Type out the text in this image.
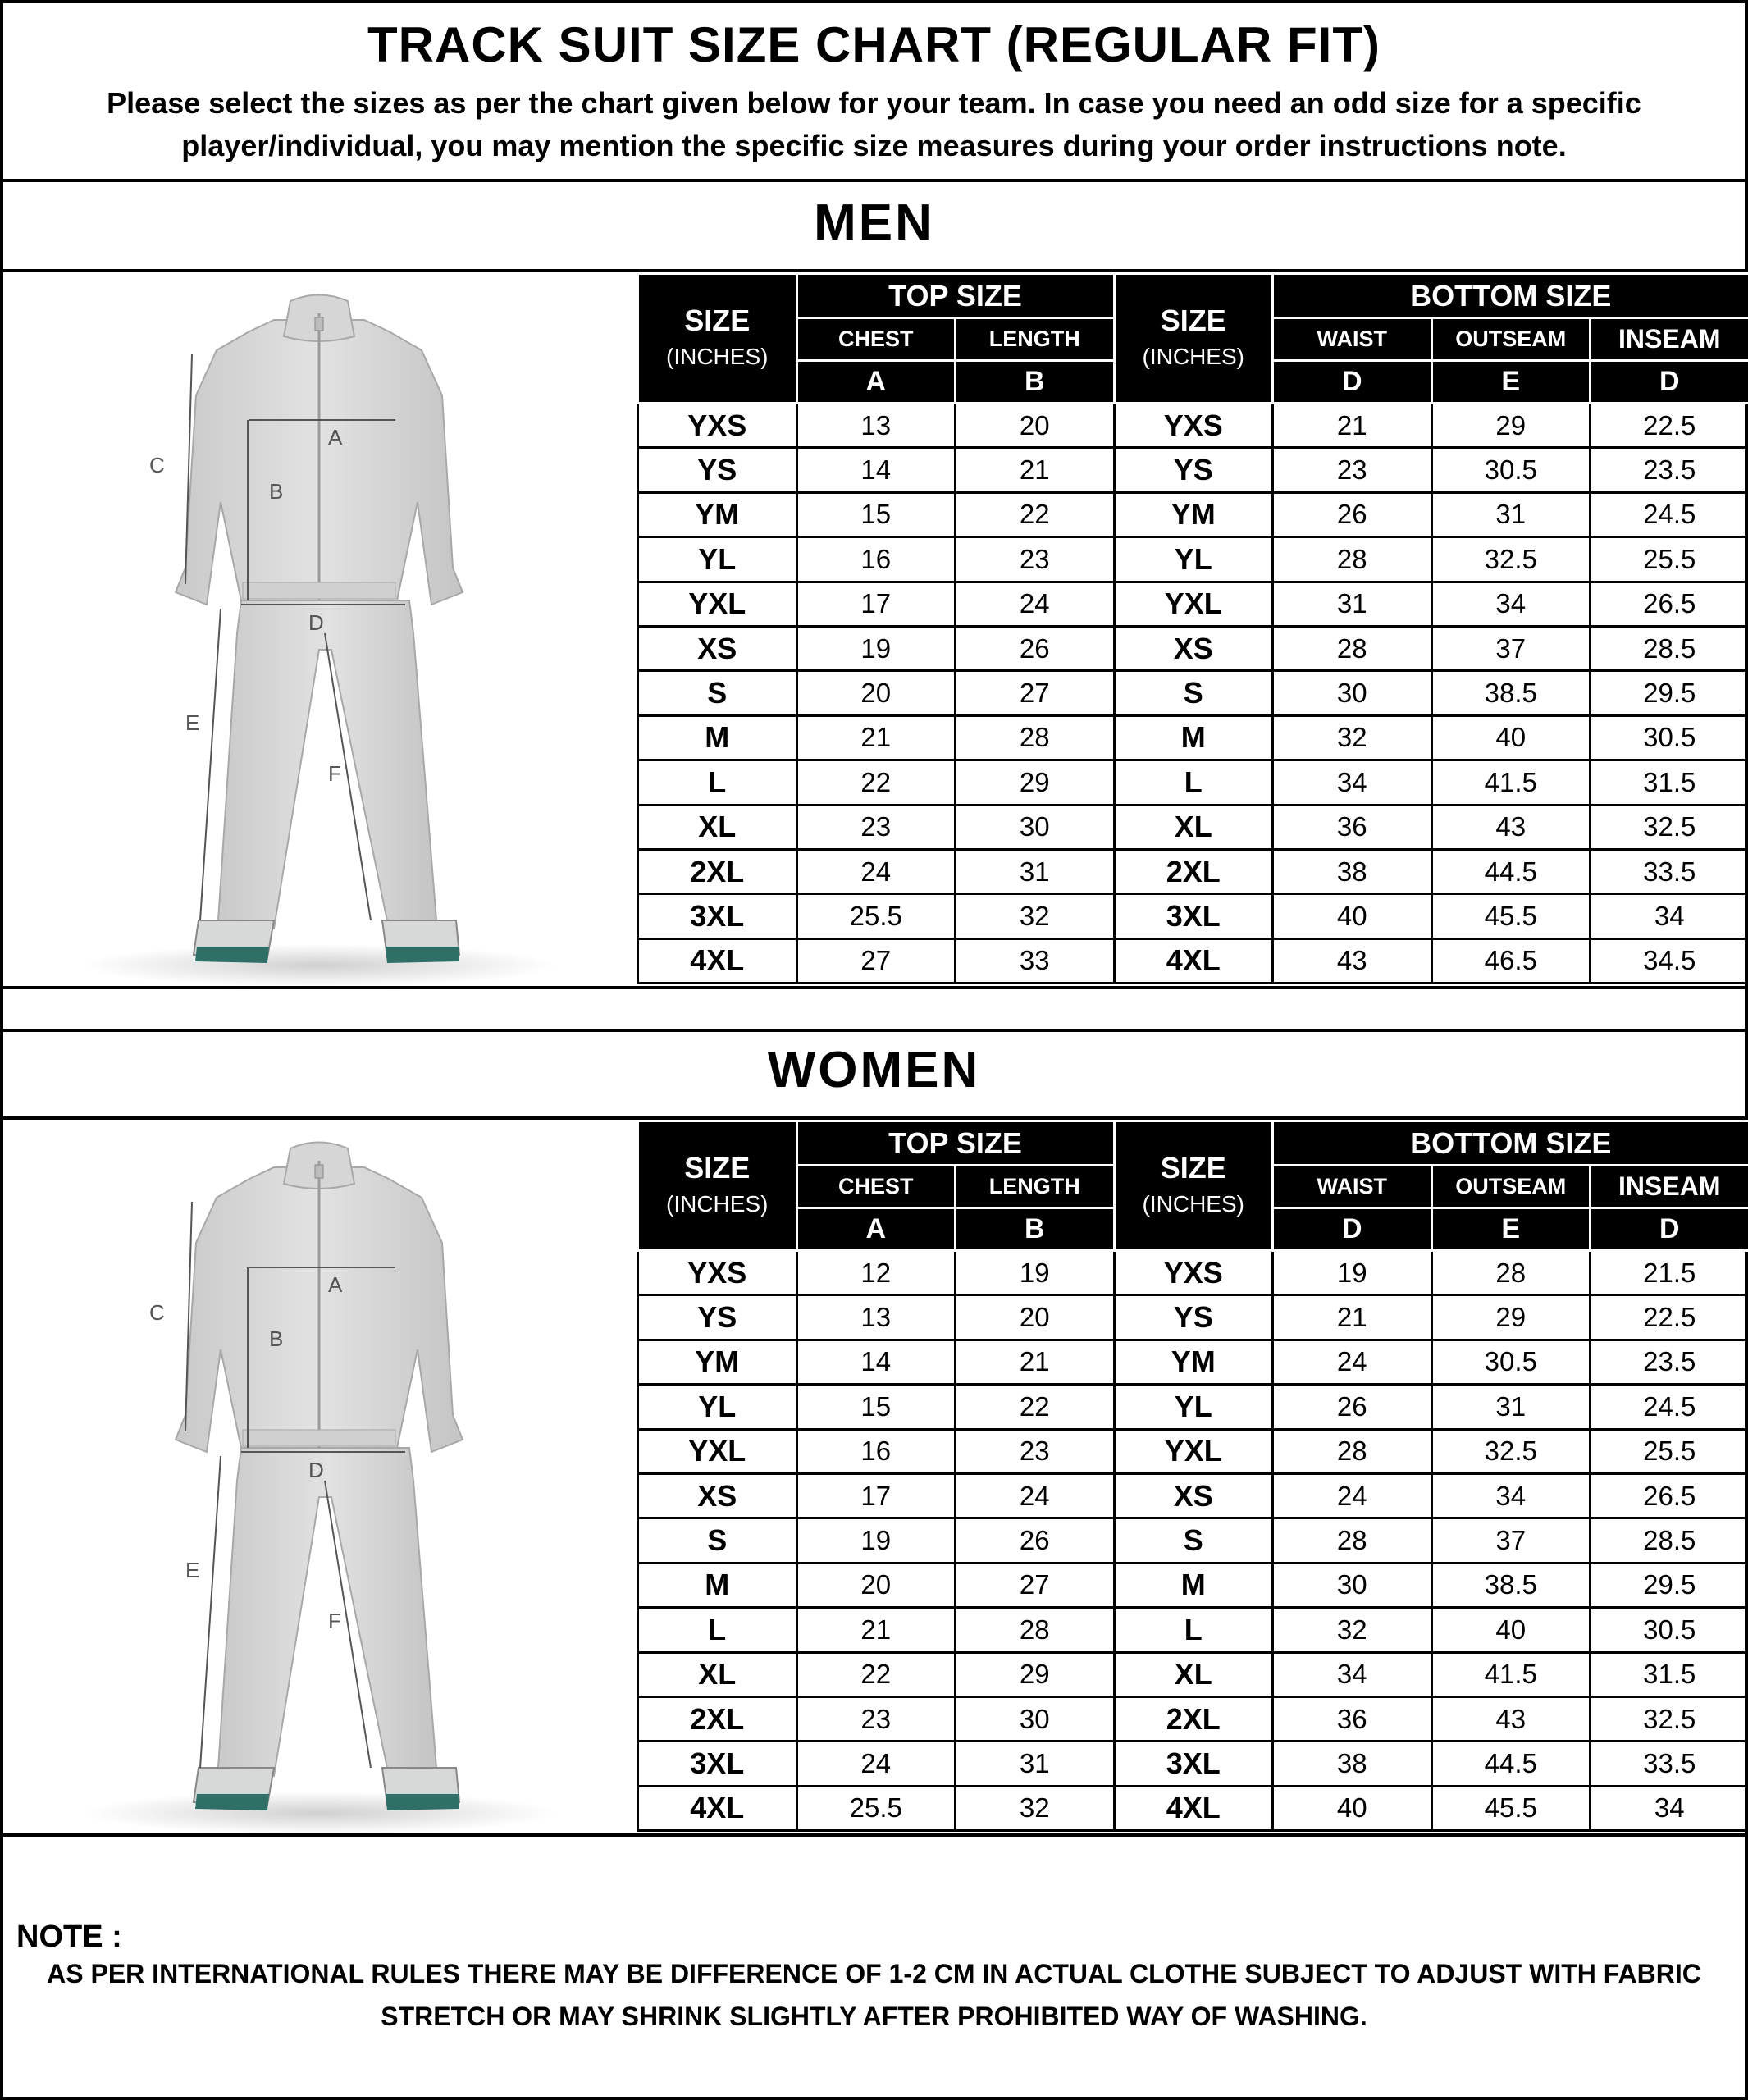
TRACK SUIT SIZE CHART (REGULAR FIT)
Please select the sizes as per the chart given below for your team. In case you need an odd size for a specific player/individual, you may mention the specific size measures during your order instructions note.
MEN
A
B
C
D
E
F
SIZE
(INCHES)	TOP SIZE		SIZE
(INCHES)	BOTTOM SIZE		
	CHEST	LENGTH		WAIST	OUTSEAM	INSEAM
	A	B		D	E	D
YXS	13	20	YXS	21	29	22.5
YS	14	21	YS	23	30.5	23.5
YM	15	22	YM	26	31	24.5
YL	16	23	YL	28	32.5	25.5
YXL	17	24	YXL	31	34	26.5
XS	19	26	XS	28	37	28.5
S	20	27	S	30	38.5	29.5
M	21	28	M	32	40	30.5
L	22	29	L	34	41.5	31.5
XL	23	30	XL	36	43	32.5
2XL	24	31	2XL	38	44.5	33.5
3XL	25.5	32	3XL	40	45.5	34
4XL	27	33	4XL	43	46.5	34.5
WOMEN
A
B
C
D
E
F
SIZE
(INCHES)	TOP SIZE		SIZE
(INCHES)	BOTTOM SIZE		
	CHEST	LENGTH		WAIST	OUTSEAM	INSEAM
	A	B		D	E	D
YXS	12	19	YXS	19	28	21.5
YS	13	20	YS	21	29	22.5
YM	14	21	YM	24	30.5	23.5
YL	15	22	YL	26	31	24.5
YXL	16	23	YXL	28	32.5	25.5
XS	17	24	XS	24	34	26.5
S	19	26	S	28	37	28.5
M	20	27	M	30	38.5	29.5
L	21	28	L	32	40	30.5
XL	22	29	XL	34	41.5	31.5
2XL	23	30	2XL	36	43	32.5
3XL	24	31	3XL	38	44.5	33.5
4XL	25.5	32	4XL	40	45.5	34
NOTE :
AS PER INTERNATIONAL RULES THERE MAY BE DIFFERENCE OF 1-2 CM IN ACTUAL CLOTHE SUBJECT TO ADJUST WITH FABRIC STRETCH OR MAY SHRINK SLIGHTLY AFTER PROHIBITED WAY OF WASHING.
